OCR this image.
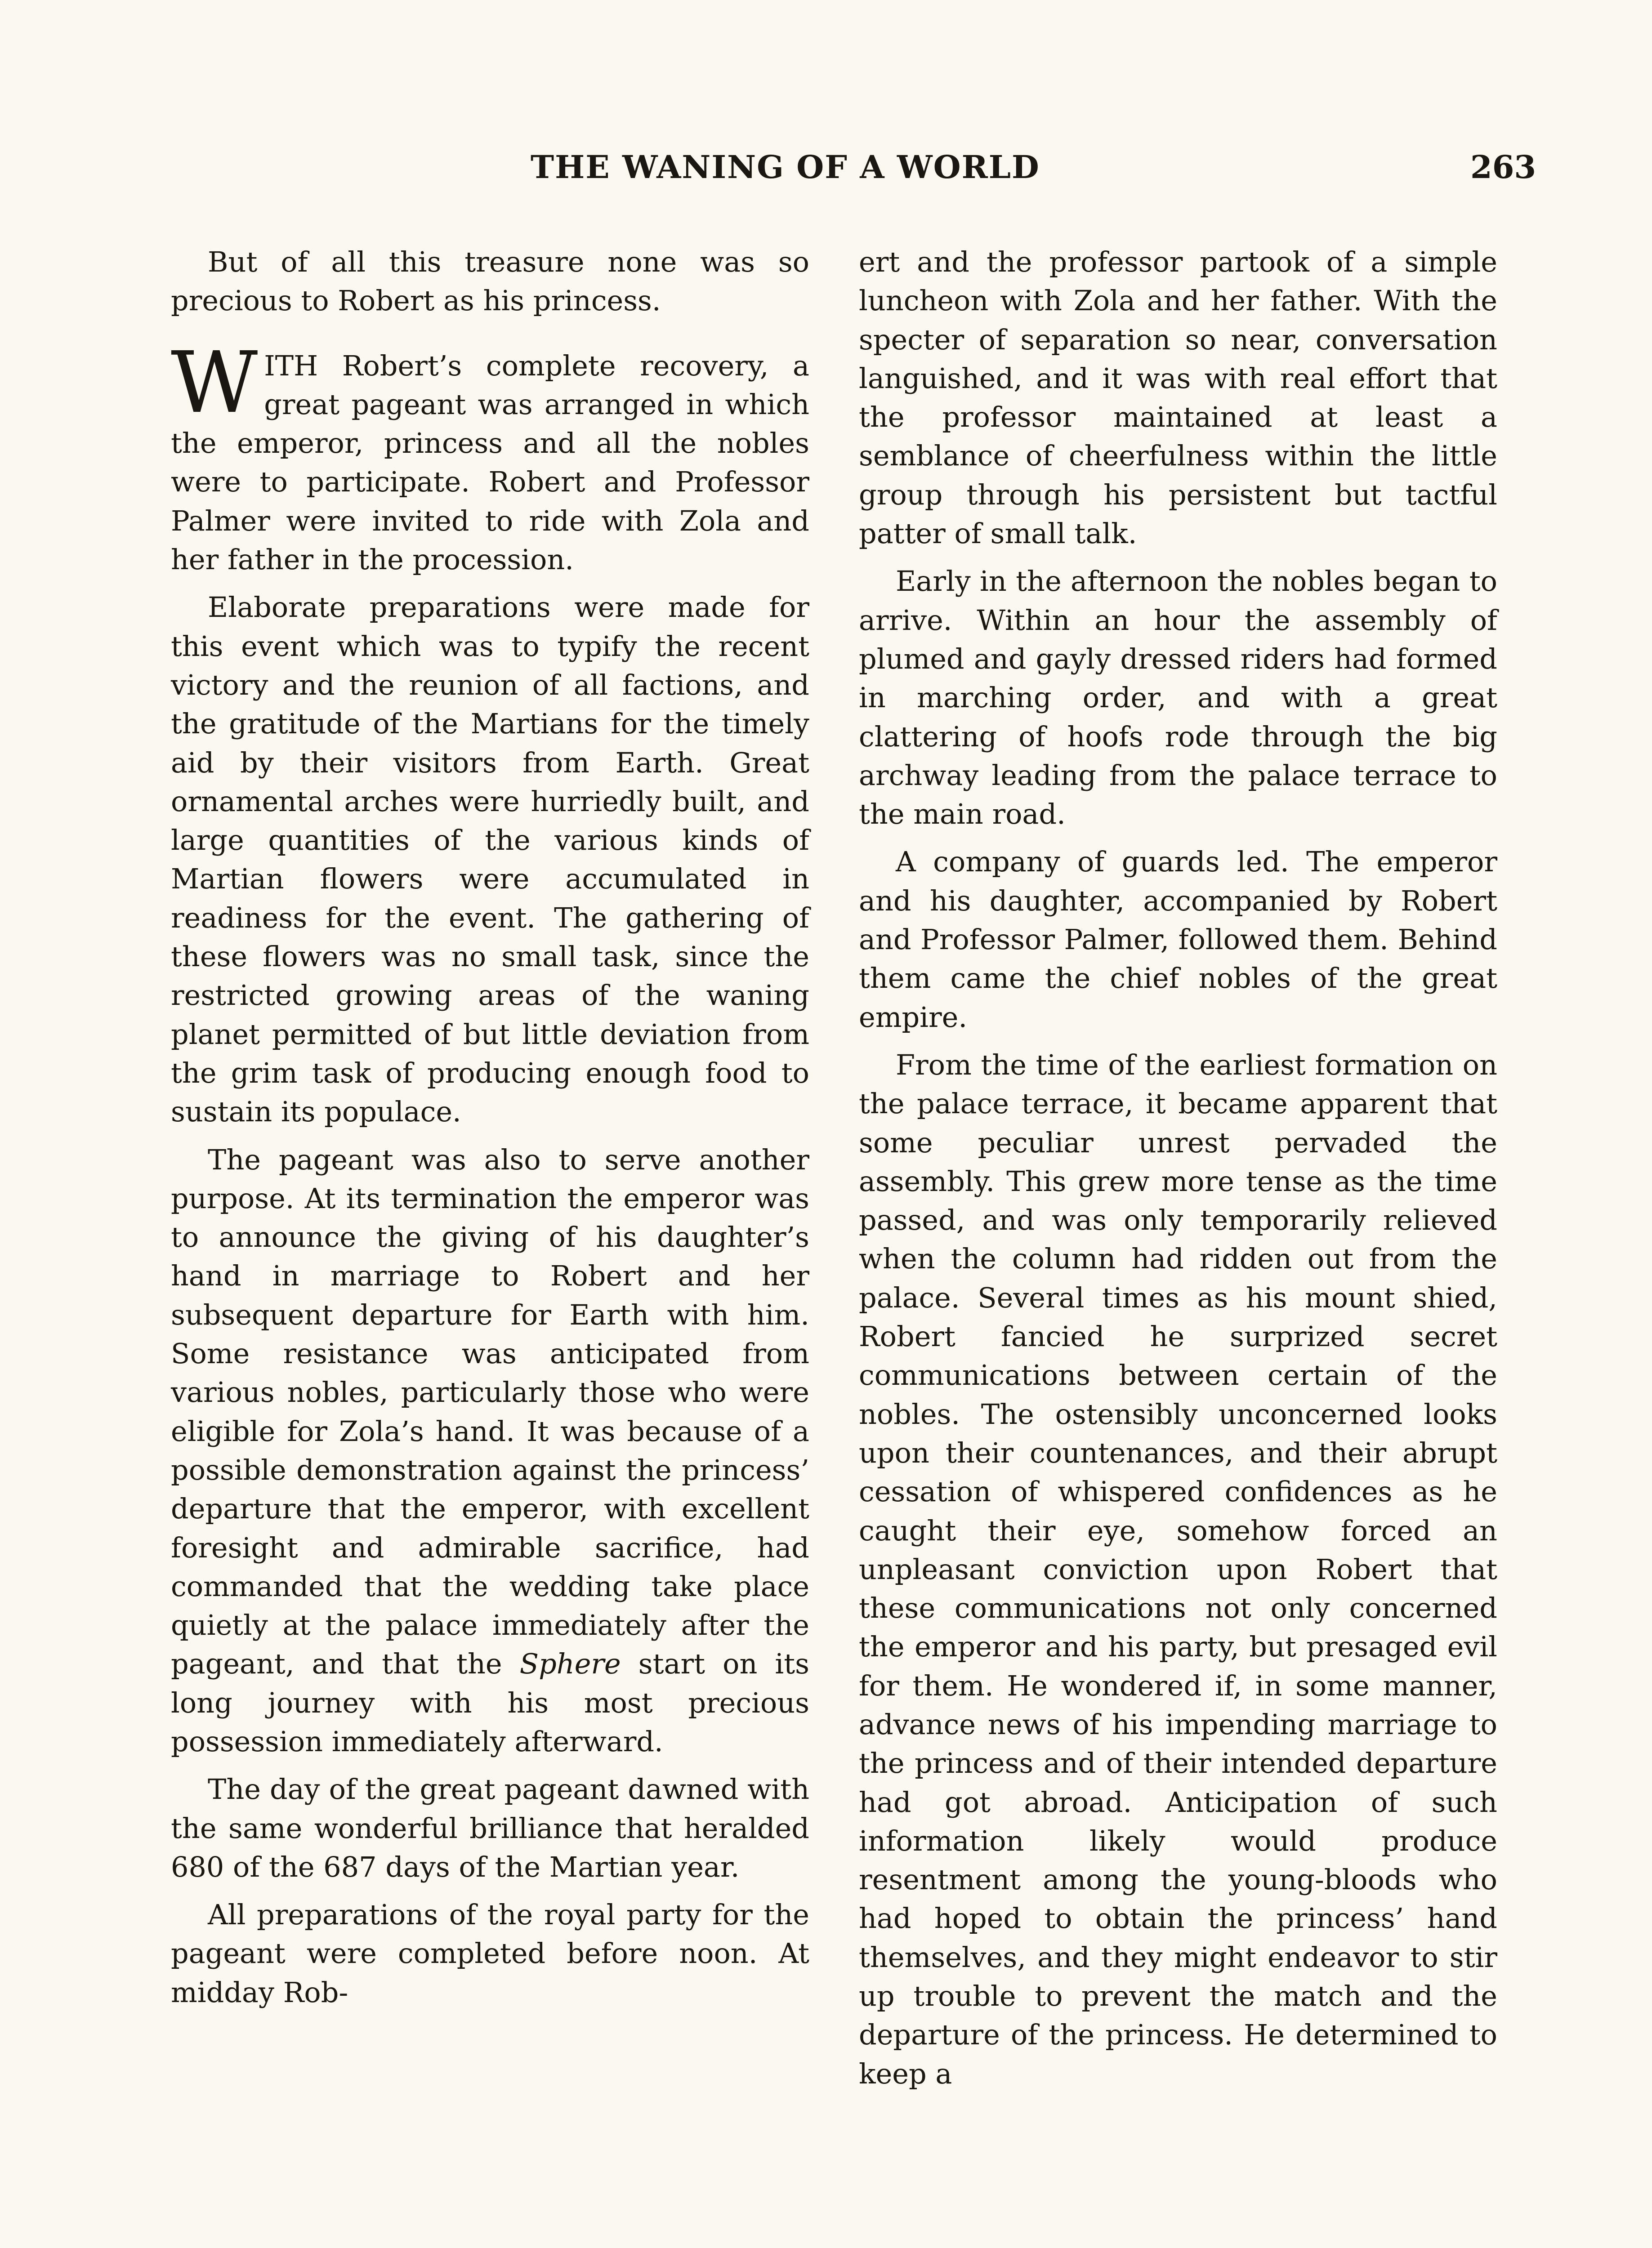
THE WANING OF A WORLD	263

But of all this treasure none was so precious to Robert as his princess.

WITH Robert’s complete recovery, a great pageant was arranged in which the emperor, princess and all the nobles were to participate. Robert and Professor Palmer were invited to ride with Zola and her father in the procession.

Elaborate preparations were made for this event which was to typify the recent victory and the reunion of all factions, and the gratitude of the Martians for the timely aid by their visitors from Earth. Great ornamental arches were hurriedly built, and large quantities of the various kinds of Martian flowers were accumulated in readiness for the event. The gathering of these flowers was no small task, since the restricted growing areas of the waning planet permitted of but little deviation from the grim task of producing enough food to sustain its populace.

The pageant was also to serve another purpose. At its termination the emperor was to announce the giving of his daughter’s hand in marriage to Robert and her subsequent departure for Earth with him. Some resistance was anticipated from various nobles, particularly those who were eligible for Zola’s hand. It was because of a possible demonstration against the princess’ departure that the emperor, with excellent foresight and admirable sacrifice, had commanded that the wedding take place quietly at the palace immediately after the pageant, and that the Sphere start on its long journey with his most precious possession immediately afterward.

The day of the great pageant dawned with the same wonderful brilliance that heralded 680 of the 687 days of the Martian year.

All preparations of the royal party for the pageant were completed before noon. At midday Rob-

ert and the professor partook of a simple luncheon with Zola and her father. With the specter of separation so near, conversation languished, and it was with real effort that the professor maintained at least a semblance of cheerfulness within the little group through his persistent but tactful patter of small talk.

Early in the afternoon the nobles began to arrive. Within an hour the assembly of plumed and gayly dressed riders had formed in marching order, and with a great clattering of hoofs rode through the big archway leading from the palace terrace to the main road.

A company of guards led. The emperor and his daughter, accompanied by Robert and Professor Palmer, followed them. Behind them came the chief nobles of the great empire.

From the time of the earliest formation on the palace terrace, it became apparent that some peculiar unrest pervaded the assembly. This grew more tense as the time passed, and was only temporarily relieved when the column had ridden out from the palace. Several times as his mount shied, Robert fancied he surprized secret communications between certain of the nobles. The ostensibly unconcerned looks upon their countenances, and their abrupt cessation of whispered confidences as he caught their eye, somehow forced an unpleasant conviction upon Robert that these communications not only concerned the emperor and his party, but presaged evil for them. He wondered if, in some manner, advance news of his impending marriage to the princess and of their intended departure had got abroad. Anticipation of such information likely would produce resentment among the young-bloods who had hoped to obtain the princess’ hand themselves, and they might endeavor to stir up trouble to prevent the match and the departure of the princess. He determined to keep a
